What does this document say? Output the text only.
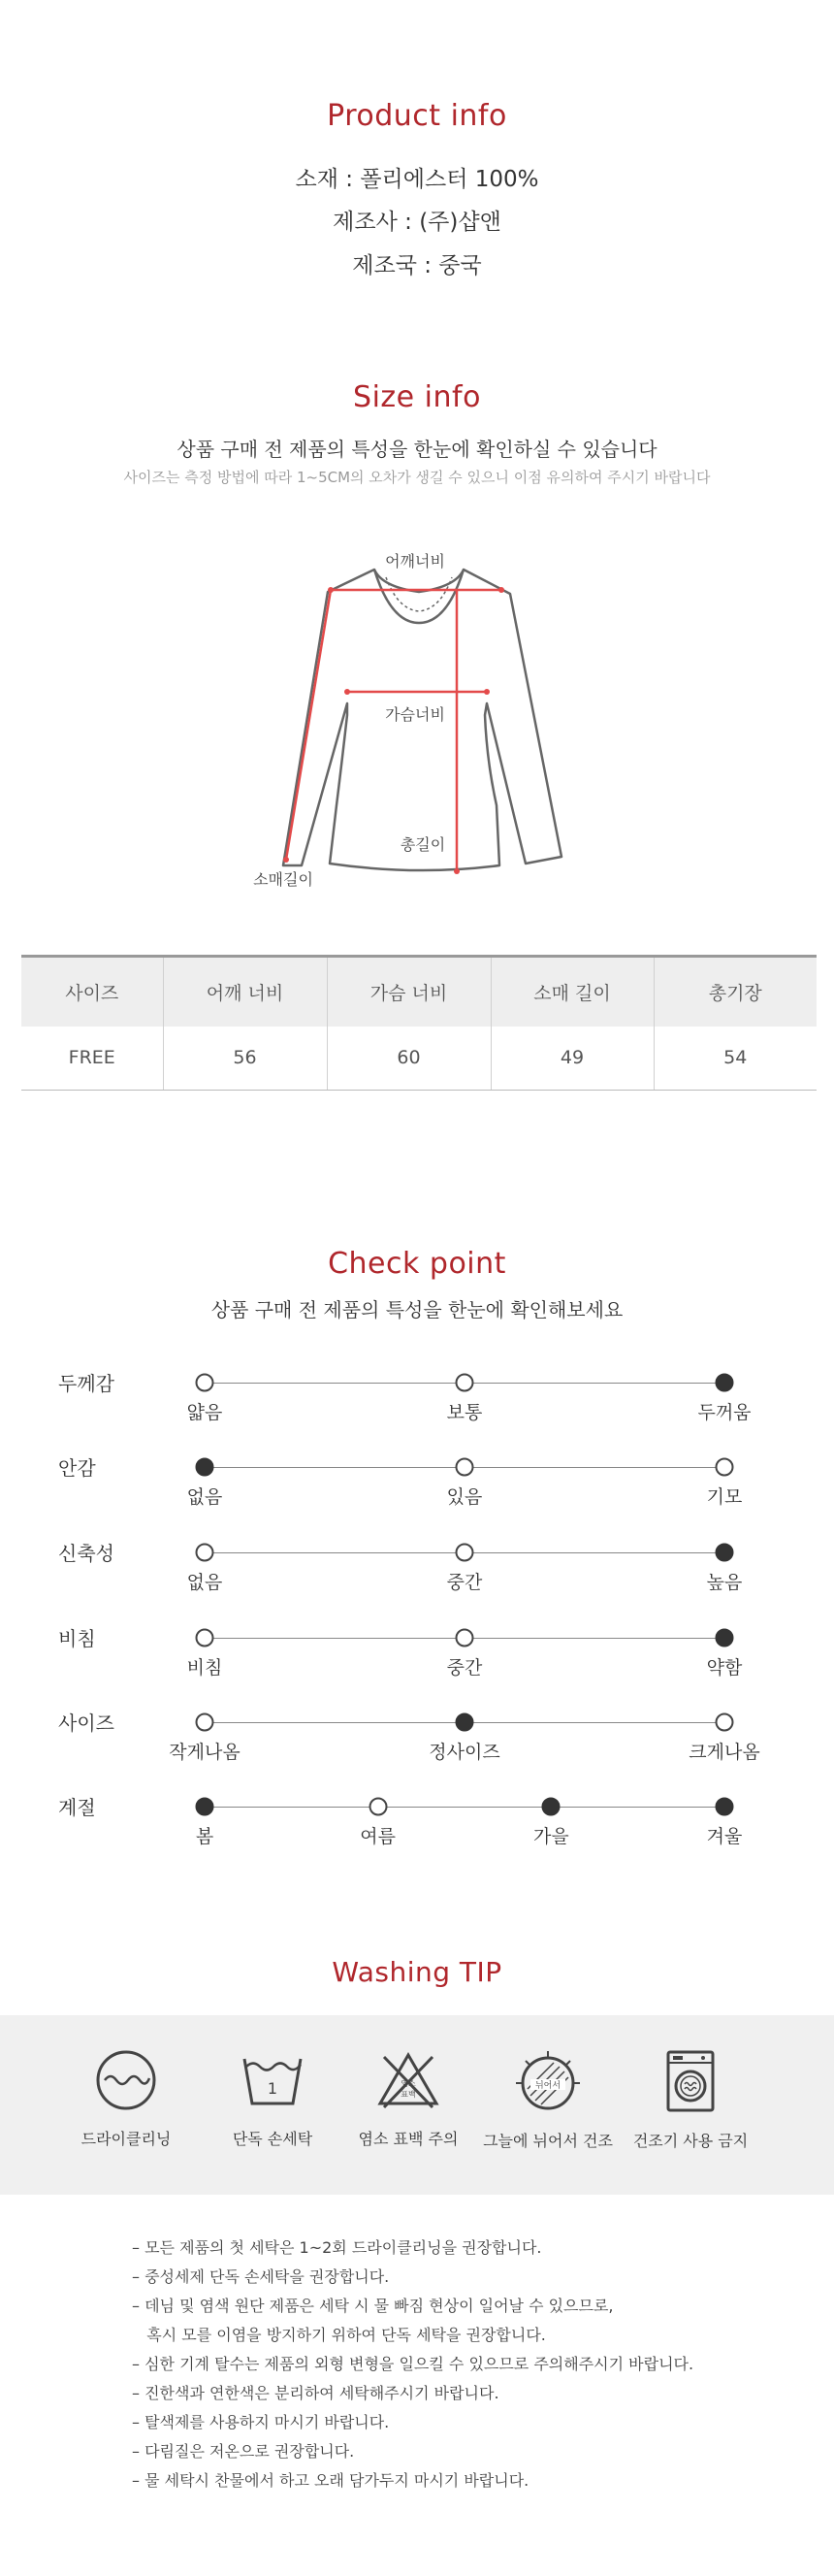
Product info
소재 : 폴리에스터 100%
제조사 : (주)샵앤
제조국 : 중국
Size info
상품 구매 전 제품의 특성을 한눈에 확인하실 수 있습니다
사이즈는 측정 방법에 따라 1~5CM의 오차가 생길 수 있으니 이점 유의하여 주시기 바랍니다
어깨너비
가슴너비
총길이
소매길이
사이즈	어깨 너비	가슴 너비	소매 길이	총기장
FREE	56	60	49	54
Check point
상품 구매 전 제품의 특성을 한눈에 확인해보세요
두께감
얇음	보통	두꺼움
안감
없음	있음	기모
신축성
없음	중간	높음
비침
비침	중간	약함
사이즈
작게나옴	정사이즈	크게나옴
계절
봄	여름	가을	겨울
Washing TIP
드라이클리닝
1
단독 손세탁
염소
표백
염소 표백 주의
뉘어서
그늘에 뉘어서 건조	건조기 사용 금지
– 모든 제품의 첫 세탁은 1~2회 드라이클리닝을 권장합니다.
– 중성세제 단독 손세탁을 권장합니다.
– 데님 및 염색 원단 제품은 세탁 시 물 빠짐 현상이 일어날 수 있으므로,
혹시 모를 이염을 방지하기 위하여 단독 세탁을 권장합니다.
– 심한 기계 탈수는 제품의 외형 변형을 일으킬 수 있으므로 주의해주시기 바랍니다.
– 진한색과 연한색은 분리하여 세탁해주시기 바랍니다.
– 탈색제를 사용하지 마시기 바랍니다.
– 다림질은 저온으로 권장합니다.
– 물 세탁시 찬물에서 하고 오래 담가두지 마시기 바랍니다.
